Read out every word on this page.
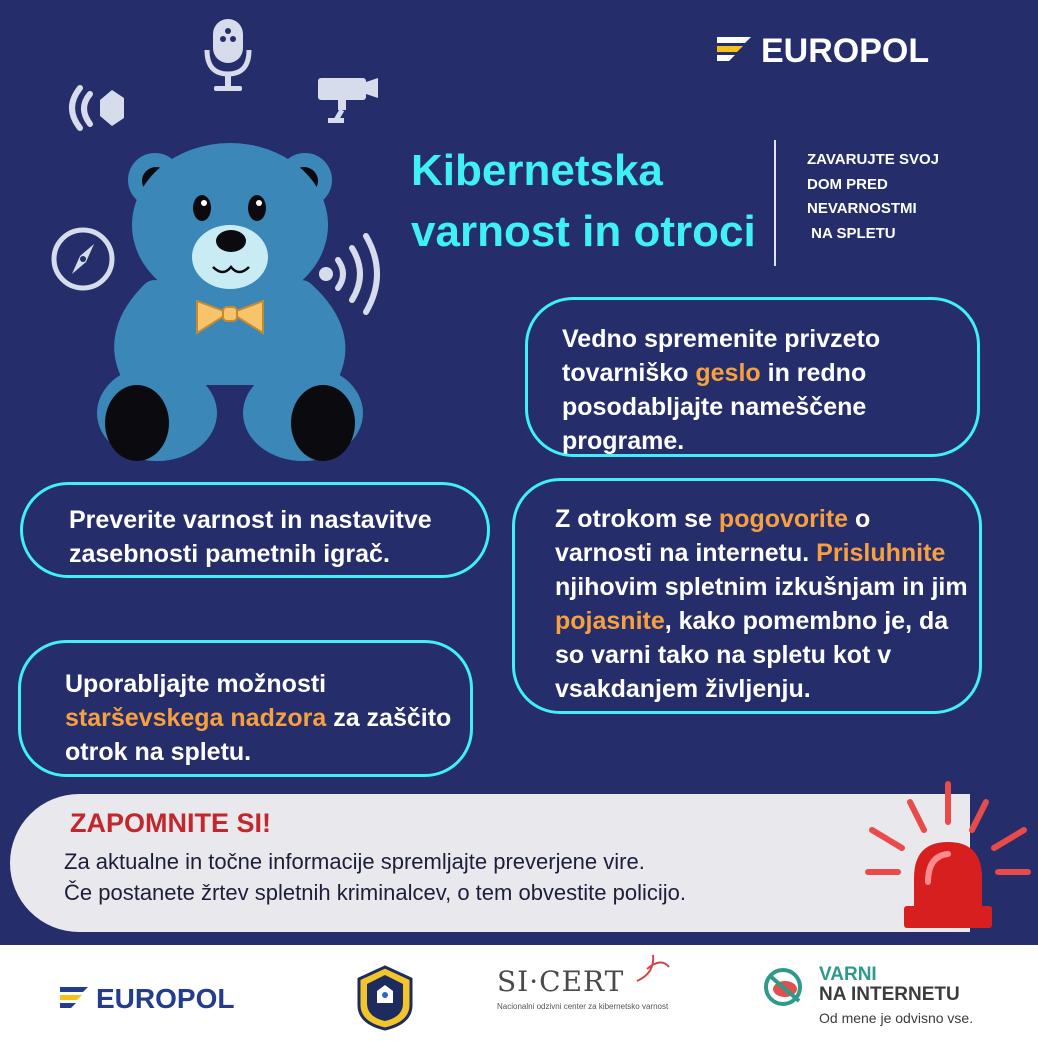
EUROPOL
Kibernetska
varnost in otroci
ZAVARUJTE SVOJ
DOM PRED
NEVARNOSTMI
NA SPLETU
Vedno spremenite privzeto tovarniško geslo in redno posodabljajte nameščene programe.
Preverite varnost in nastavitve zasebnosti pametnih igrač.
Z otrokom se pogovorite o varnosti na internetu. Prisluhnite njihovim spletnim izkušnjam in jim pojasnite, kako pomembno je, da so varni tako na spletu kot v vsakdanjem življenju.
Uporabljajte možnosti starševskega nadzora za zaščito otrok na spletu.
ZAPOMNITE SI!
Za aktualne in točne informacije spremljajte preverjene vire.
Če postanete žrtev spletnih kriminalcev, o tem obvestite policijo.
EUROPOL
SI·CERT
Nacionalni odzivni center za kibernetsko varnost
VARNI
NA INTERNETU
Od mene je odvisno vse.
